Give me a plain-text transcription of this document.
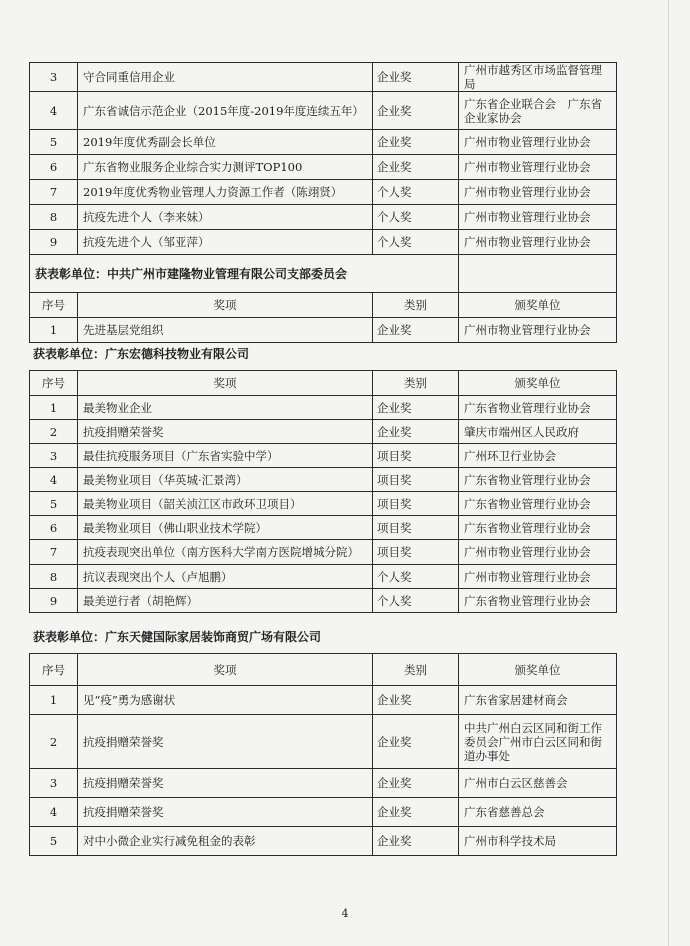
3	守合同重信用企业	企业奖	广州市越秀区市场监督管理局
4	广东省诚信示范企业（2015年度-2019年度连续五年）	企业奖	广东省企业联合会　广东省企业家协会
5	2019年度优秀副会长单位	企业奖	广州市物业管理行业协会
6	广东省物业服务企业综合实力测评TOP100	企业奖	广州市物业管理行业协会
7	2019年度优秀物业管理人力资源工作者（陈翊贤）	个人奖	广州市物业管理行业协会
8	抗疫先进个人（李来妹）	个人奖	广州市物业管理行业协会
9	抗疫先进个人（邹亚萍）	个人奖	广州市物业管理行业协会
获表彰单位：中共广州市建隆物业管理有限公司支部委员会			
序号	奖项	类别	颁奖单位
1	先进基层党组织	企业奖	广州市物业管理行业协会
获表彰单位：广东宏德科技物业有限公司
序号	奖项	类别	颁奖单位
1	最美物业企业	企业奖	广东省物业管理行业协会
2	抗疫捐赠荣誉奖	企业奖	肇庆市端州区人民政府
3	最佳抗疫服务项目（广东省实验中学）	项目奖	广州环卫行业协会
4	最美物业项目（华英城·汇景湾）	项目奖	广东省物业管理行业协会
5	最美物业项目（韶关浈江区市政环卫项目）	项目奖	广东省物业管理行业协会
6	最美物业项目（佛山职业技术学院）	项目奖	广东省物业管理行业协会
7	抗疫表现突出单位（南方医科大学南方医院增城分院）	项目奖	广州市物业管理行业协会
8	抗议表现突出个人（卢旭鹏）	个人奖	广州市物业管理行业协会
9	最美逆行者（胡艳辉）	个人奖	广东省物业管理行业协会
获表彰单位：广东天健国际家居装饰商贸广场有限公司
序号	奖项	类别	颁奖单位
1	见“疫”勇为感谢状	企业奖	广东省家居建材商会
2	抗疫捐赠荣誉奖	企业奖	中共广州白云区同和街工作委员会广州市白云区同和街道办事处
3	抗疫捐赠荣誉奖	企业奖	广州市白云区慈善会
4	抗疫捐赠荣誉奖	企业奖	广东省慈善总会
5	对中小微企业实行减免租金的表彰	企业奖	广州市科学技术局
4
